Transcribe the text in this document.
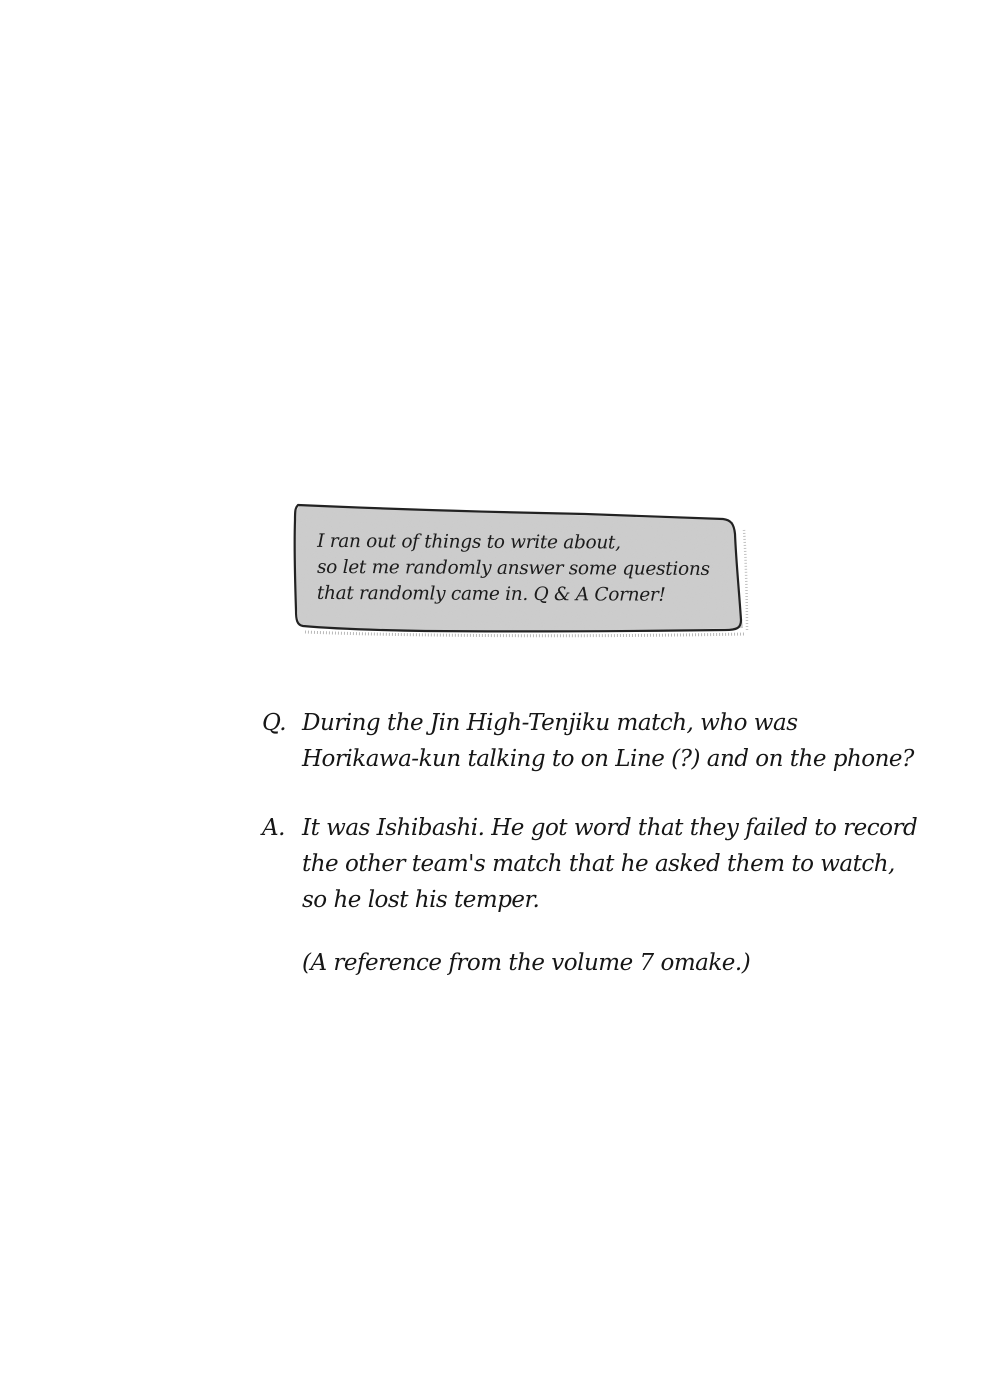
I ran out of things to write about,
so let me randomly answer some questions
that randomly came in. Q & A Corner!
Q. During the Jin High-Tenjiku match, who was
Horikawa-kun talking to on Line (?) and on the phone?
A. It was Ishibashi. He got word that they failed to record
the other team's match that he asked them to watch,
so he lost his temper.
(A reference from the volume 7 omake.)
